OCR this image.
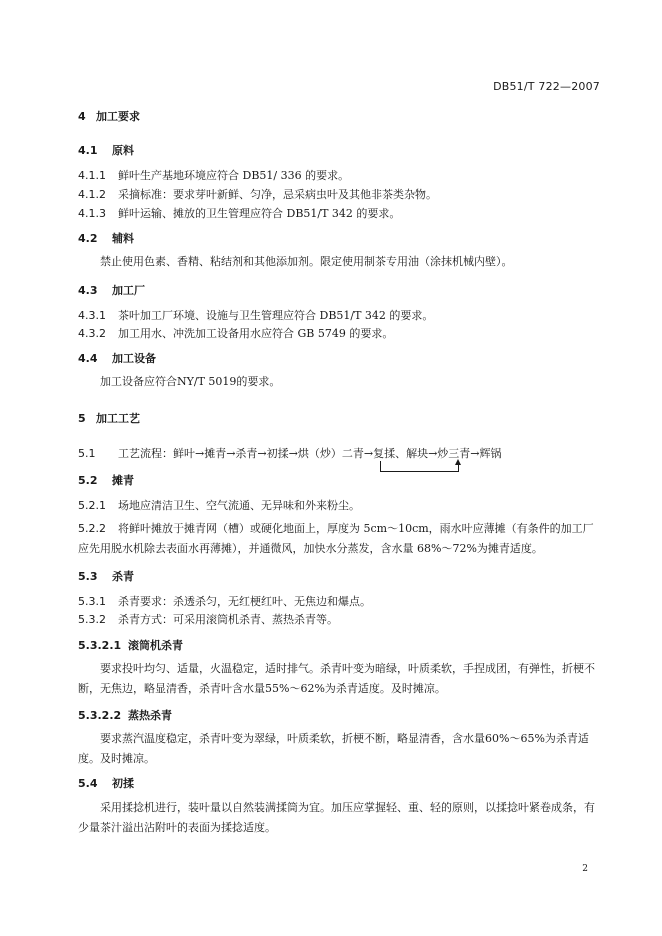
DB51/T 722—2007
4 加工要求
4.1 原料
4.1.1 鲜叶生产基地环境应符合 DB51/ 336 的要求。
4.1.2 采摘标准：要求芽叶新鲜、匀净，忌采病虫叶及其他非茶类杂物。
4.1.3 鲜叶运输、摊放的卫生管理应符合 DB51/T 342 的要求。
4.2 辅料
禁止使用色素、香精、粘结剂和其他添加剂。限定使用制茶专用油（涂抹机械内壁）。
4.3 加工厂
4.3.1 茶叶加工厂环境、设施与卫生管理应符合 DB51/T 342 的要求。
4.3.2 加工用水、冲洗加工设备用水应符合 GB 5749 的要求。
4.4 加工设备
加工设备应符合NY/T 5019的要求。
5 加工工艺
5.1 工艺流程：鲜叶→摊青→杀青→初揉→烘（炒）二青→复揉、解块→炒三青→辉锅
5.2 摊青
5.2.1 场地应清洁卫生、空气流通、无异味和外来粉尘。
5.2.2 将鲜叶摊放于摊青网（槽）或硬化地面上，厚度为 5cm～10cm，雨水叶应薄摊（有条件的加工厂应先用脱水机除去表面水再薄摊），并通微风，加快水分蒸发，含水量 68%～72%为摊青适度。
5.3 杀青
5.3.1 杀青要求：杀透杀匀，无红梗红叶、无焦边和爆点。
5.3.2 杀青方式：可采用滚筒机杀青、蒸热杀青等。
5.3.2.1 滚筒机杀青
要求投叶均匀、适量，火温稳定，适时排气。杀青叶变为暗绿，叶质柔软，手捏成团，有弹性，折梗不断，无焦边，略显清香，杀青叶含水量55%～62%为杀青适度。及时摊凉。
5.3.2.2 蒸热杀青
要求蒸汽温度稳定，杀青叶变为翠绿，叶质柔软，折梗不断，略显清香，含水量60%～65%为杀青适度。及时摊凉。
5.4 初揉
采用揉捻机进行，装叶量以自然装满揉筒为宜。加压应掌握轻、重、轻的原则，以揉捻叶紧卷成条，有少量茶汁溢出沾附叶的表面为揉捻适度。
2
